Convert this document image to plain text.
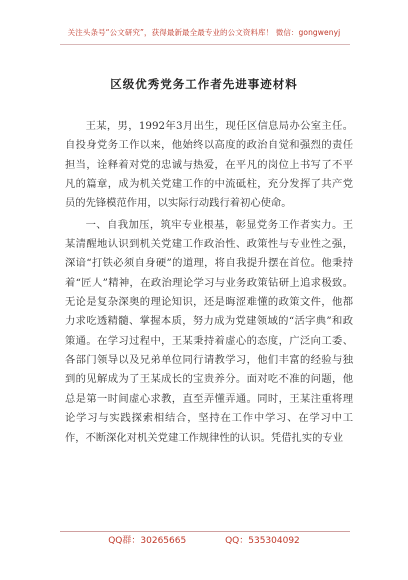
关注头条号“公文研究”，获得最新最全最专业的公文资料库！ 微信：gongwenyj
区级优秀党务工作者先进事迹材料

王某，男，1992年3月出生，现任区信息局办公室主任。自投身党务工作以来，他始终以高度的政治自觉和强烈的责任担当，诠释着对党的忠诚与热爱，在平凡的岗位上书写了不平凡的篇章，成为机关党建工作的中流砥柱，充分发挥了共产党员的先锋模范作用，以实际行动践行着初心使命。

一、自我加压，筑牢专业根基，彰显党务工作者实力。王某清醒地认识到机关党建工作政治性、政策性与专业性之强，深谙“打铁必须自身硬”的道理，将自我提升摆在首位。他秉持着“匠人”精神，在政治理论学习与业务政策钻研上追求极致。无论是复杂深奥的理论知识，还是晦涩难懂的政策文件，他都力求吃透精髓、掌握本质，努力成为党建领域的“活字典”和政策通。在学习过程中，王某秉持着虚心的态度，广泛向工委、各部门领导以及兄弟单位同行请教学习，他们丰富的经验与独到的见解成为了王某成长的宝贵养分。面对吃不准的问题，他总是第一时间虚心求教，直至弄懂弄通。同时，王某注重将理论学习与实践探索相结合，坚持在工作中学习、在学习中工作，不断深化对机关党建工作规律性的认识。凭借扎实的专业

QQ群：30265665	QQ：535304092
